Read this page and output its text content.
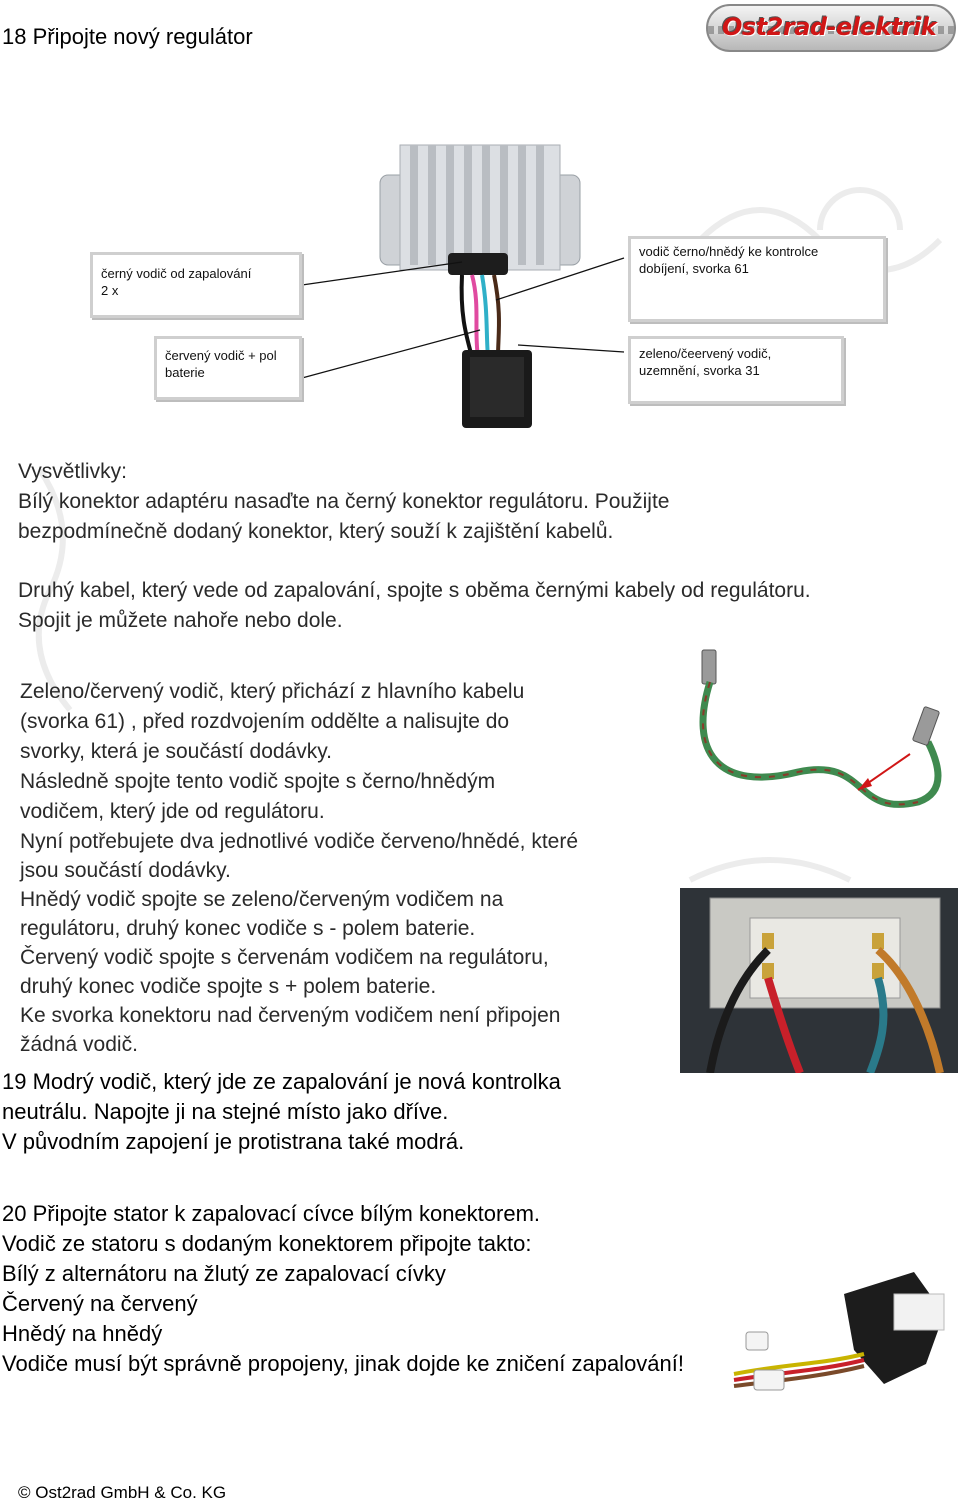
18 Připojte nový regulátor	Ost2rad-elektrik
černý vodič od zapalování
2 x
vodič černo/hnědý ke kontrolce
dobíjení, svorka 61
červený vodič + pol
baterie
zeleno/čeervený vodič,
uzemnění, svorka 31
Vysvětlivky:
Bílý konektor adaptéru nasaďte na černý konektor regulátoru. Použijte
bezpodmínečně dodaný konektor, který souží k zajištění kabelů.
Druhý kabel, který vede od zapalování, spojte s oběma černými kabely od regulátoru.
Spojit je můžete nahoře nebo dole.
Zeleno/červený vodič, který přichází z hlavního kabelu
(svorka 61) , před rozdvojením oddělte a nalisujte do
svorky, která je součástí dodávky.
Následně spojte tento vodič spojte s černo/hnědým
vodičem, který jde od regulátoru.
Nyní potřebujete dva jednotlivé vodiče červeno/hnědé, které
jsou součástí dodávky.
Hnědý vodič spojte se zeleno/červeným vodičem na
regulátoru, druhý konec vodiče s - polem baterie.
Červený vodič spojte s červenám vodičem na regulátoru,
druhý konec vodiče spojte s + polem baterie.
Ke svorka konektoru nad červeným vodičem není připojen
žádná vodič.
19 Modrý vodič, který jde ze zapalování je nová kontrolka
neutrálu. Napojte ji na stejné místo jako dříve.
V původním zapojení je protistrana také modrá.
20 Připojte stator k zapalovací cívce bílým konektorem.
Vodič ze statoru s dodaným konektorem připojte takto:
Bílý z alternátoru na žlutý ze zapalovací cívky
Červený na červený
Hnědý na hnědý
Vodiče musí být správně propojeny, jinak dojde ke zničení zapalování!
© Ost2rad GmbH & Co. KG
